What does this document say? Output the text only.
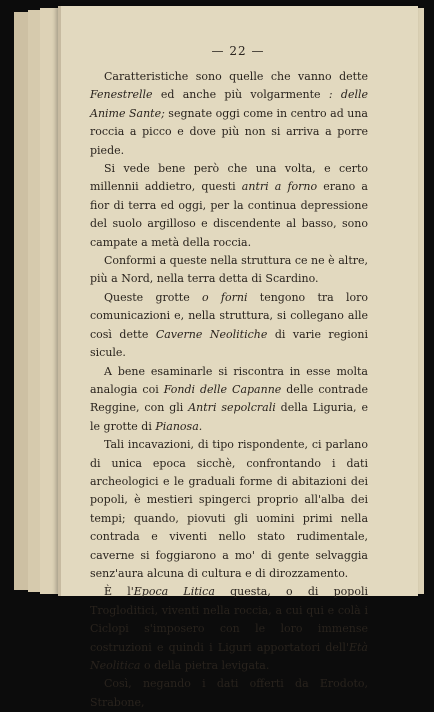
— 22 —

Caratteristiche sono quelle che vanno dette Fenestrelle ed anche più volgarmente : delle Anime Sante; segnate oggi come in centro ad una roccia a picco e dove più non si arriva a porre piede.

Si vede bene però che una volta, e certo millennii addietro, questi antri a forno erano a fior di terra ed oggi, per la continua depressione del suolo argilloso e discendente al basso, sono campate a metà della roccia.

Conformi a queste nella struttura ce ne è altre, più a Nord, nella terra detta di Scardino.

Queste grotte o forni tengono tra loro comunicazioni e, nella struttura, si collegano alle così dette Caverne Neolitiche di varie regioni sicule.

A bene esaminarle si riscontra in esse molta analogia coi Fondi delle Capanne delle contrade Reggine, con gli Antri sepolcrali della Liguria, e le grotte di Pianosa.

Tali incavazioni, di tipo rispondente, ci parlano di unica epoca sicchè, confrontando i dati archeologici e le graduali forme di abitazioni dei popoli, è mestieri spingerci proprio all'alba dei tempi; quando, piovuti gli uomini primi nella contrada e viventi nello stato rudimentale, caverne si foggiarono a mo' di gente selvaggia senz'aura alcuna di cultura e di dirozzamento.

È l'Epoca Litica questa, o di popoli Trogloditici, viventi nella roccia, a cui qui e colà i Ciclopi s'imposero con le loro immense costruzioni e quindi i Liguri apportatori dell'Età Neolitica o della pietra levigata.

Così, negando i dati offerti da Erodoto, Strabone,
